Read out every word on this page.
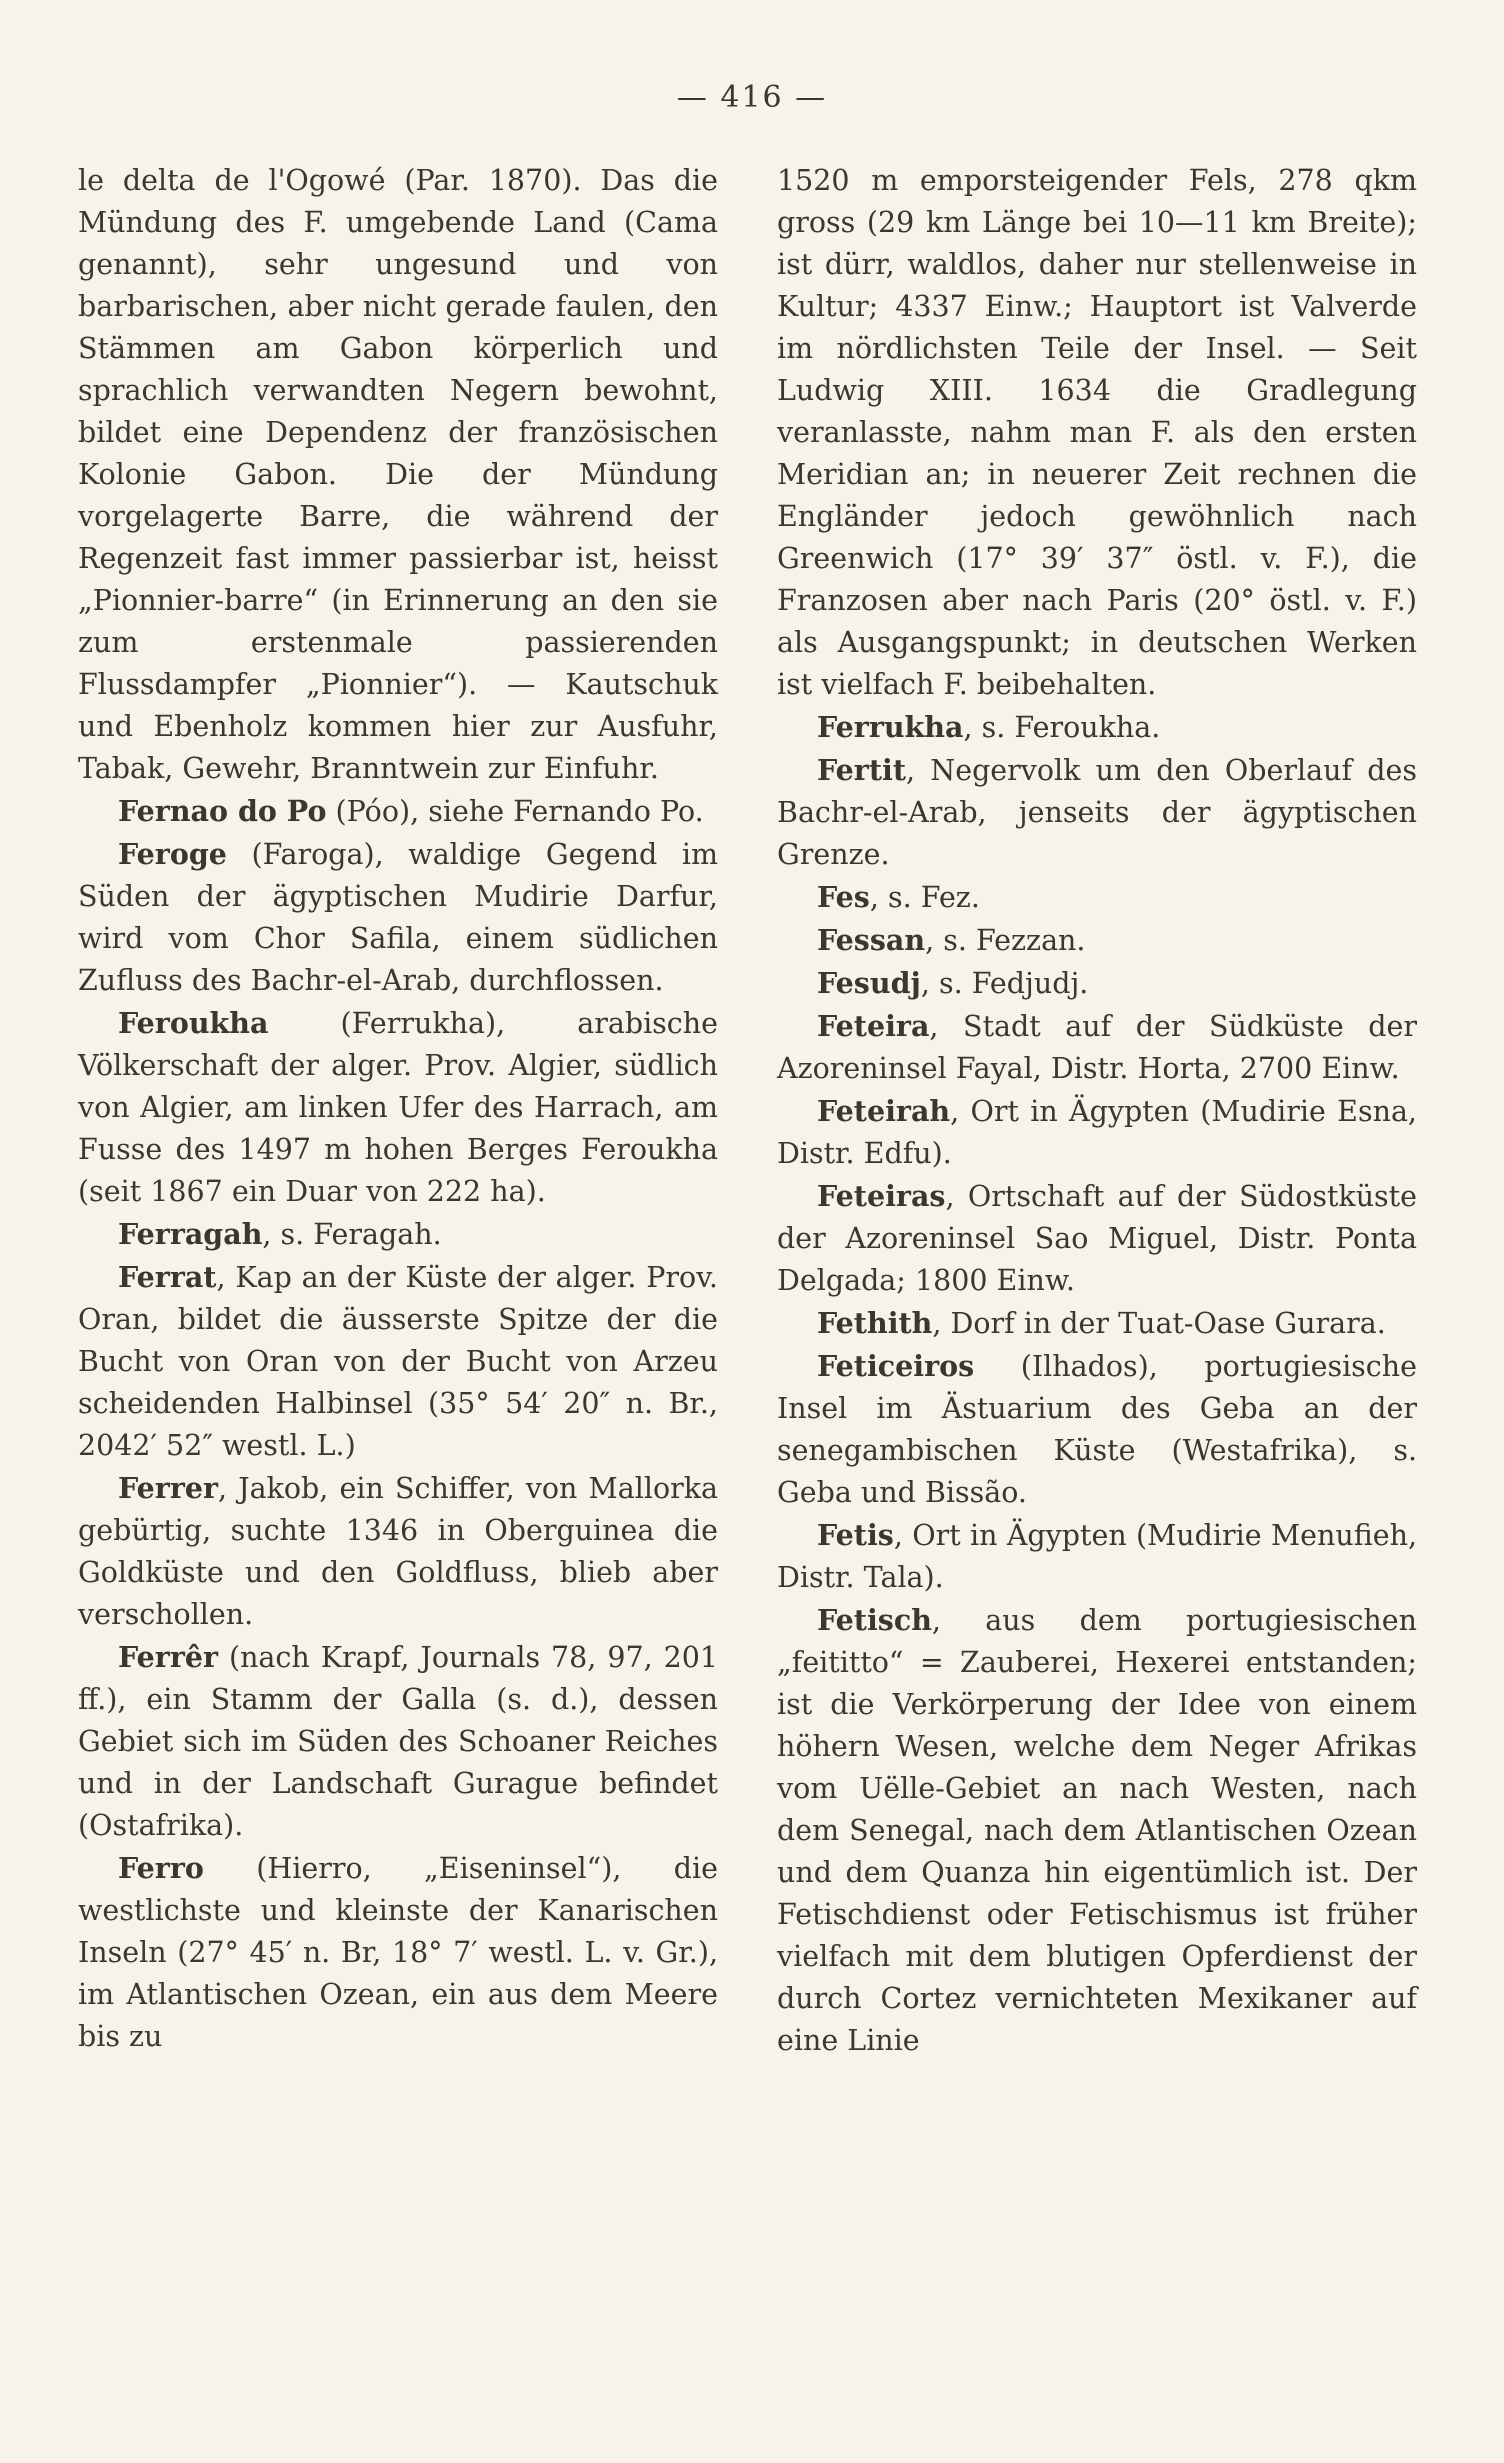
— 416 —

le delta de l'Ogowé (Par. 1870). Das die Mündung des F. umgebende Land (Cama genannt), sehr ungesund und von barbarischen, aber nicht gerade faulen, den Stämmen am Gabon körperlich und sprachlich verwandten Negern bewohnt, bildet eine Dependenz der französischen Kolonie Gabon. Die der Mündung vorgelagerte Barre, die während der Regenzeit fast immer passierbar ist, heisst „Pionnier-barre“ (in Erinnerung an den sie zum erstenmale passierenden Flussdampfer „Pionnier“). — Kautschuk und Ebenholz kommen hier zur Ausfuhr, Tabak, Gewehr, Branntwein zur Einfuhr.

Fernao do Po (Póo), siehe Fernando Po.

Feroge (Faroga), waldige Gegend im Süden der ägyptischen Mudirie Darfur, wird vom Chor Safila, einem südlichen Zufluss des Bachr-el-Arab, durchflossen.

Feroukha (Ferrukha), arabische Völkerschaft der alger. Prov. Algier, südlich von Algier, am linken Ufer des Harrach, am Fusse des 1497 m hohen Berges Feroukha (seit 1867 ein Duar von 222 ha).

Ferragah, s. Feragah.

Ferrat, Kap an der Küste der alger. Prov. Oran, bildet die äusserste Spitze der die Bucht von Oran von der Bucht von Arzeu scheidenden Halbinsel (35° 54′ 20″ n. Br., 2042′ 52″ westl. L.)

Ferrer, Jakob, ein Schiffer, von Mallorka gebürtig, suchte 1346 in Oberguinea die Goldküste und den Goldfluss, blieb aber verschollen.

Ferrêr (nach Krapf, Journals 78, 97, 201 ff.), ein Stamm der Galla (s. d.), dessen Gebiet sich im Süden des Schoaner Reiches und in der Landschaft Gurague befindet (Ostafrika).

Ferro (Hierro, „Eiseninsel“), die westlichste und kleinste der Kanarischen Inseln (27° 45′ n. Br, 18° 7′ westl. L. v. Gr.), im Atlantischen Ozean, ein aus dem Meere bis zu

1520 m emporsteigender Fels, 278 qkm gross (29 km Länge bei 10—11 km Breite); ist dürr, waldlos, daher nur stellenweise in Kultur; 4337 Einw.; Hauptort ist Valverde im nördlichsten Teile der Insel. — Seit Ludwig XIII. 1634 die Gradlegung veranlasste, nahm man F. als den ersten Meridian an; in neuerer Zeit rechnen die Engländer jedoch gewöhnlich nach Greenwich (17° 39′ 37″ östl. v. F.), die Franzosen aber nach Paris (20° östl. v. F.) als Ausgangspunkt; in deutschen Werken ist vielfach F. beibehalten.

Ferrukha, s. Feroukha.

Fertit, Negervolk um den Oberlauf des Bachr-el-Arab, jenseits der ägyptischen Grenze.

Fes, s. Fez.

Fessan, s. Fezzan.

Fesudj, s. Fedjudj.

Feteira, Stadt auf der Südküste der Azoreninsel Fayal, Distr. Horta, 2700 Einw.

Feteirah, Ort in Ägypten (Mudirie Esna, Distr. Edfu).

Feteiras, Ortschaft auf der Südostküste der Azoreninsel Sao Miguel, Distr. Ponta Delgada; 1800 Einw.

Fethith, Dorf in der Tuat-Oase Gurara.

Feticeiros (Ilhados), portugiesische Insel im Ästuarium des Geba an der senegambischen Küste (Westafrika), s. Geba und Bissão.

Fetis, Ort in Ägypten (Mudirie Menufieh, Distr. Tala).

Fetisch, aus dem portugiesischen „feititto“ = Zauberei, Hexerei entstanden; ist die Verkörperung der Idee von einem höhern Wesen, welche dem Neger Afrikas vom Uëlle-Gebiet an nach Westen, nach dem Senegal, nach dem Atlantischen Ozean und dem Quanza hin eigentümlich ist. Der Fetischdienst oder Fetischismus ist früher vielfach mit dem blutigen Opferdienst der durch Cortez vernichteten Mexikaner auf eine Linie
